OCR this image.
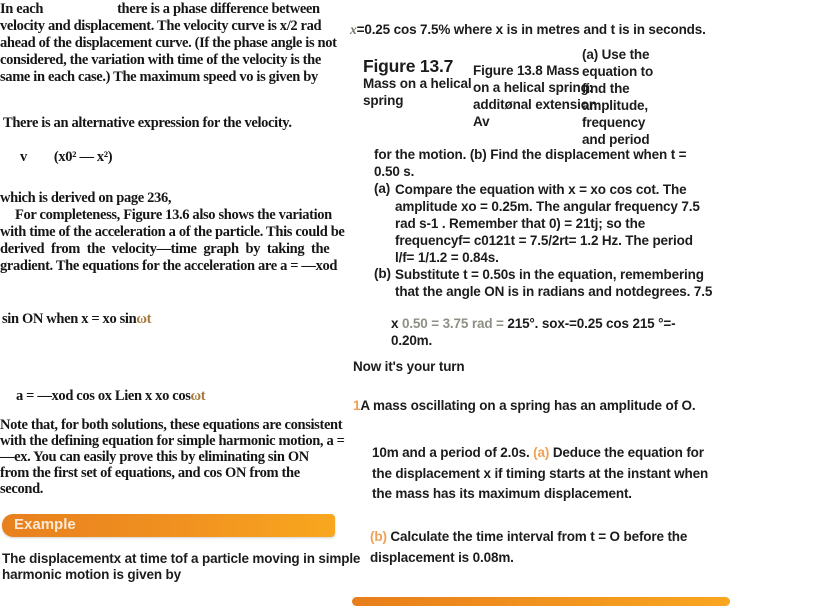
In each	there is a phase difference between
velocity and displacement. The velocity curve is x/2 rad
ahead of the displacement curve. (If the phase angle is not
considered, the variation with time of the velocity is the
same in each case.) The maximum speed vo is given by
There is an alternative expression for the velocity.
v (x0² — x²)
which is derived on page 236,
For completeness, Figure 13.6 also shows the variation
with time of the acceleration a of the particle. This could be
derived from the velocity—time graph by taking the
gradient. The equations for the acceleration are a = —xod
sin ON when x = xo sinωt
a = —xod cos ox Lien x xo cosωt
Note that, for both solutions, these equations are consistent
with the defining equation for simple harmonic motion, a =
—ex. You can easily prove this by eliminating sin ON
from the first set of equations, and cos ON from the
second.
Example
The displacementx at time tof a particle moving in simple
harmonic motion is given by
x=0.25 cos 7.5% where x is in metres and t is in seconds.
Figure 13.7
Mass on a helical
spring
Figure 13.8 Mass
on a helical spring:
additønal extension
Av
(a) Use the
equation to
find the
amplitude,
frequency
and period
for the motion. (b) Find the displacement when t =
0.50 s.
(a) Compare the equation with x = xo cos cot. The
amplitude xo = 0.25m. The angular frequency 7.5
rad s-1 . Remember that 0) = 21tj; so the
frequencyf= c0121t = 7.5/2rt= 1.2 Hz. The period
l/f= 1/1.2 = 0.84s.
(b) Substitute t = 0.50s in the equation, remembering
that the angle ON is in radians and notdegrees. 7.5
x 0.50 = 3.75 rad = 215°. sox-=0.25 cos 215 °=-
0.20m.
Now it's your turn
1A mass oscillating on a spring has an amplitude of O.
10m and a period of 2.0s. (a) Deduce the equation for
the displacement x if timing starts at the instant when
the mass has its maximum displacement.
(b) Calculate the time interval from t = O before the
displacement is 0.08m.
